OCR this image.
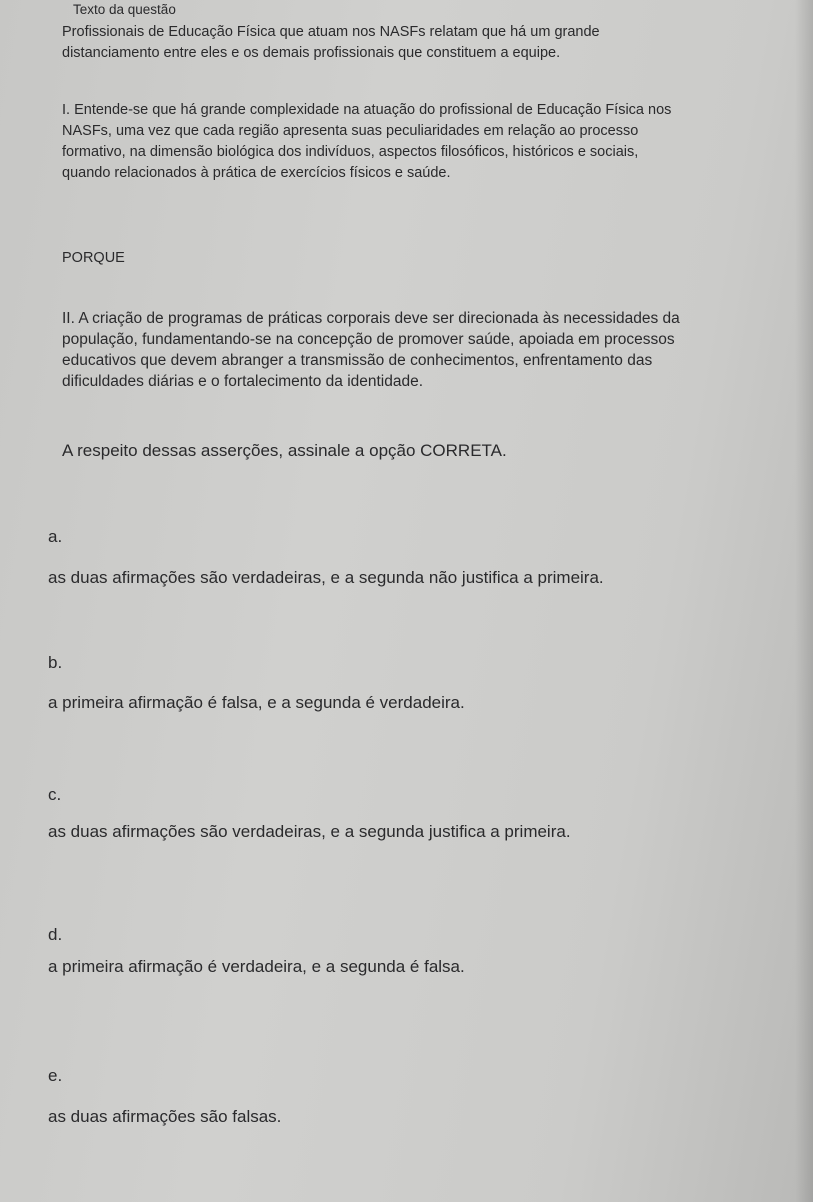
Texto da questão
Profissionais de Educação Física que atuam nos NASFs relatam que há um grande
distanciamento entre eles e os demais profissionais que constituem a equipe.
I. Entende-se que há grande complexidade na atuação do profissional de Educação Física nos
NASFs, uma vez que cada região apresenta suas peculiaridades em relação ao processo
formativo, na dimensão biológica dos indivíduos, aspectos filosóficos, históricos e sociais,
quando relacionados à prática de exercícios físicos e saúde.
PORQUE
II. A criação de programas de práticas corporais deve ser direcionada às necessidades da
população, fundamentando-se na concepção de promover saúde, apoiada em processos
educativos que devem abranger a transmissão de conhecimentos, enfrentamento das
dificuldades diárias e o fortalecimento da identidade.
A respeito dessas asserções, assinale a opção CORRETA.
a.
as duas afirmações são verdadeiras, e a segunda não justifica a primeira.
b.
a primeira afirmação é falsa, e a segunda é verdadeira.
c.
as duas afirmações são verdadeiras, e a segunda justifica a primeira.
d.
a primeira afirmação é verdadeira, e a segunda é falsa.
e.
as duas afirmações são falsas.
